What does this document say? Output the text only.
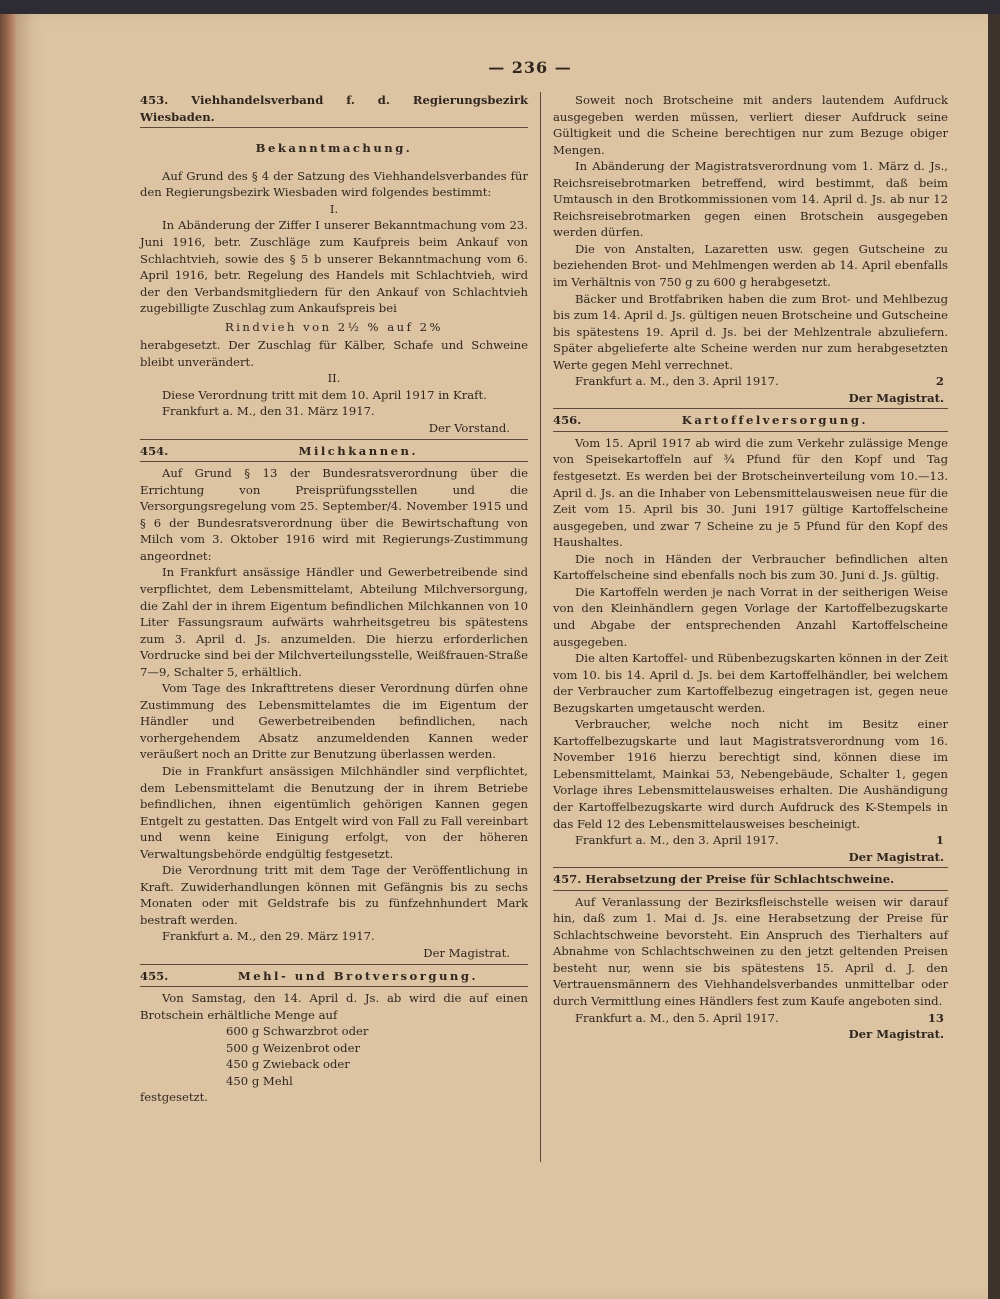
— 236 —

453. Viehhandelsverband f. d. Regierungsbezirk Wiesbaden.

Bekanntmachung.

Auf Grund des § 4 der Satzung des Viehhandelsverbandes für den Regierungsbezirk Wiesbaden wird folgendes bestimmt:

I.

In Abänderung der Ziffer I unserer Bekanntmachung vom 23. Juni 1916, betr. Zuschläge zum Kaufpreis beim Ankauf von Schlachtvieh, sowie des § 5 b unserer Bekanntmachung vom 6. April 1916, betr. Regelung des Handels mit Schlachtvieh, wird der den Verbandsmitgliedern für den Ankauf von Schlachtvieh zugebilligte Zuschlag zum Ankaufspreis bei

Rindvieh von 2½ % auf 2%

herabgesetzt. Der Zuschlag für Kälber, Schafe und Schweine bleibt unverändert.

II.

Diese Verordnung tritt mit dem 10. April 1917 in Kraft.

Frankfurt a. M., den 31. März 1917.

Der Vorstand.

454.	Milchkannen.

Auf Grund § 13 der Bundesratsverordnung über die Errichtung von Preisprüfungsstellen und die Versorgungsregelung vom 25. September/4. November 1915 und § 6 der Bundesratsverordnung über die Bewirtschaftung von Milch vom 3. Oktober 1916 wird mit Regierungs-Zustimmung angeordnet:

In Frankfurt ansässige Händler und Gewerbetreibende sind verpflichtet, dem Lebensmittelamt, Abteilung Milchversorgung, die Zahl der in ihrem Eigentum befindlichen Milchkannen von 10 Liter Fassungsraum aufwärts wahrheitsgetreu bis spätestens zum 3. April d. Js. anzumelden. Die hierzu erforderlichen Vordrucke sind bei der Milchverteilungsstelle, Weißfrauen-Straße 7—9, Schalter 5, erhältlich.

Vom Tage des Inkrafttretens dieser Verordnung dürfen ohne Zustimmung des Lebensmittelamtes die im Eigentum der Händler und Gewerbetreibenden befindlichen, nach vorhergehendem Absatz anzumeldenden Kannen weder veräußert noch an Dritte zur Benutzung überlassen werden.

Die in Frankfurt ansässigen Milchhändler sind verpflichtet, dem Lebensmittelamt die Benutzung der in ihrem Betriebe befindlichen, ihnen eigentümlich gehörigen Kannen gegen Entgelt zu gestatten. Das Entgelt wird von Fall zu Fall vereinbart und wenn keine Einigung erfolgt, von der höheren Verwaltungsbehörde endgültig festgesetzt.

Die Verordnung tritt mit dem Tage der Veröffentlichung in Kraft. Zuwiderhandlungen können mit Gefängnis bis zu sechs Monaten oder mit Geldstrafe bis zu fünfzehnhundert Mark bestraft werden.

Frankfurt a. M., den 29. März 1917.

Der Magistrat.

455.	Mehl- und Brotversorgung.

Von Samstag, den 14. April d. Js. ab wird die auf einen Brotschein erhältliche Menge auf

600 g Schwarzbrot oder
500 g Weizenbrot oder
450 g Zwieback oder
450 g Mehl

festgesetzt.

Soweit noch Brotscheine mit anders lautendem Aufdruck ausgegeben werden müssen, verliert dieser Aufdruck seine Gültigkeit und die Scheine berechtigen nur zum Bezuge obiger Mengen.

In Abänderung der Magistratsverordnung vom 1. März d. Js., Reichsreisebrotmarken betreffend, wird bestimmt, daß beim Umtausch in den Brotkommissionen vom 14. April d. Js. ab nur 12 Reichsreisebrotmarken gegen einen Brotschein ausgegeben werden dürfen.

Die von Anstalten, Lazaretten usw. gegen Gutscheine zu beziehenden Brot- und Mehlmengen werden ab 14. April ebenfalls im Verhältnis von 750 g zu 600 g herabgesetzt.

Bäcker und Brotfabriken haben die zum Brot- und Mehlbezug bis zum 14. April d. Js. gültigen neuen Brotscheine und Gutscheine bis spätestens 19. April d. Js. bei der Mehlzentrale abzuliefern. Später abgelieferte alte Scheine werden nur zum herabgesetzten Werte gegen Mehl verrechnet.

Frankfurt a. M., den 3. April 1917.	2

Der Magistrat.

456.	Kartoffelversorgung.

Vom 15. April 1917 ab wird die zum Verkehr zulässige Menge von Speisekartoffeln auf ¾ Pfund für den Kopf und Tag festgesetzt. Es werden bei der Brotscheinverteilung vom 10.—13. April d. Js. an die Inhaber von Lebensmittelausweisen neue für die Zeit vom 15. April bis 30. Juni 1917 gültige Kartoffelscheine ausgegeben, und zwar 7 Scheine zu je 5 Pfund für den Kopf des Haushaltes.

Die noch in Händen der Verbraucher befindlichen alten Kartoffelscheine sind ebenfalls noch bis zum 30. Juni d. Js. gültig.

Die Kartoffeln werden je nach Vorrat in der seitherigen Weise von den Kleinhändlern gegen Vorlage der Kartoffelbezugskarte und Abgabe der entsprechenden Anzahl Kartoffelscheine ausgegeben.

Die alten Kartoffel- und Rübenbezugskarten können in der Zeit vom 10. bis 14. April d. Js. bei dem Kartoffelhändler, bei welchem der Verbraucher zum Kartoffelbezug eingetragen ist, gegen neue Bezugskarten umgetauscht werden.

Verbraucher, welche noch nicht im Besitz einer Kartoffelbezugskarte und laut Magistratsverordnung vom 16. November 1916 hierzu berechtigt sind, können diese im Lebensmittelamt, Mainkai 53, Nebengebäude, Schalter 1, gegen Vorlage ihres Lebensmittelausweises erhalten. Die Aushändigung der Kartoffelbezugskarte wird durch Aufdruck des K-Stempels in das Feld 12 des Lebensmittelausweises bescheinigt.

Frankfurt a. M., den 3. April 1917.	1

Der Magistrat.

457. Herabsetzung der Preise für Schlachtschweine.

Auf Veranlassung der Bezirksfleischstelle weisen wir darauf hin, daß zum 1. Mai d. Js. eine Herabsetzung der Preise für Schlachtschweine bevorsteht. Ein Anspruch des Tierhalters auf Abnahme von Schlachtschweinen zu den jetzt geltenden Preisen besteht nur, wenn sie bis spätestens 15. April d. J. den Vertrauensmännern des Viehhandelsverbandes unmittelbar oder durch Vermittlung eines Händlers fest zum Kaufe angeboten sind.

Frankfurt a. M., den 5. April 1917.	13

Der Magistrat.
